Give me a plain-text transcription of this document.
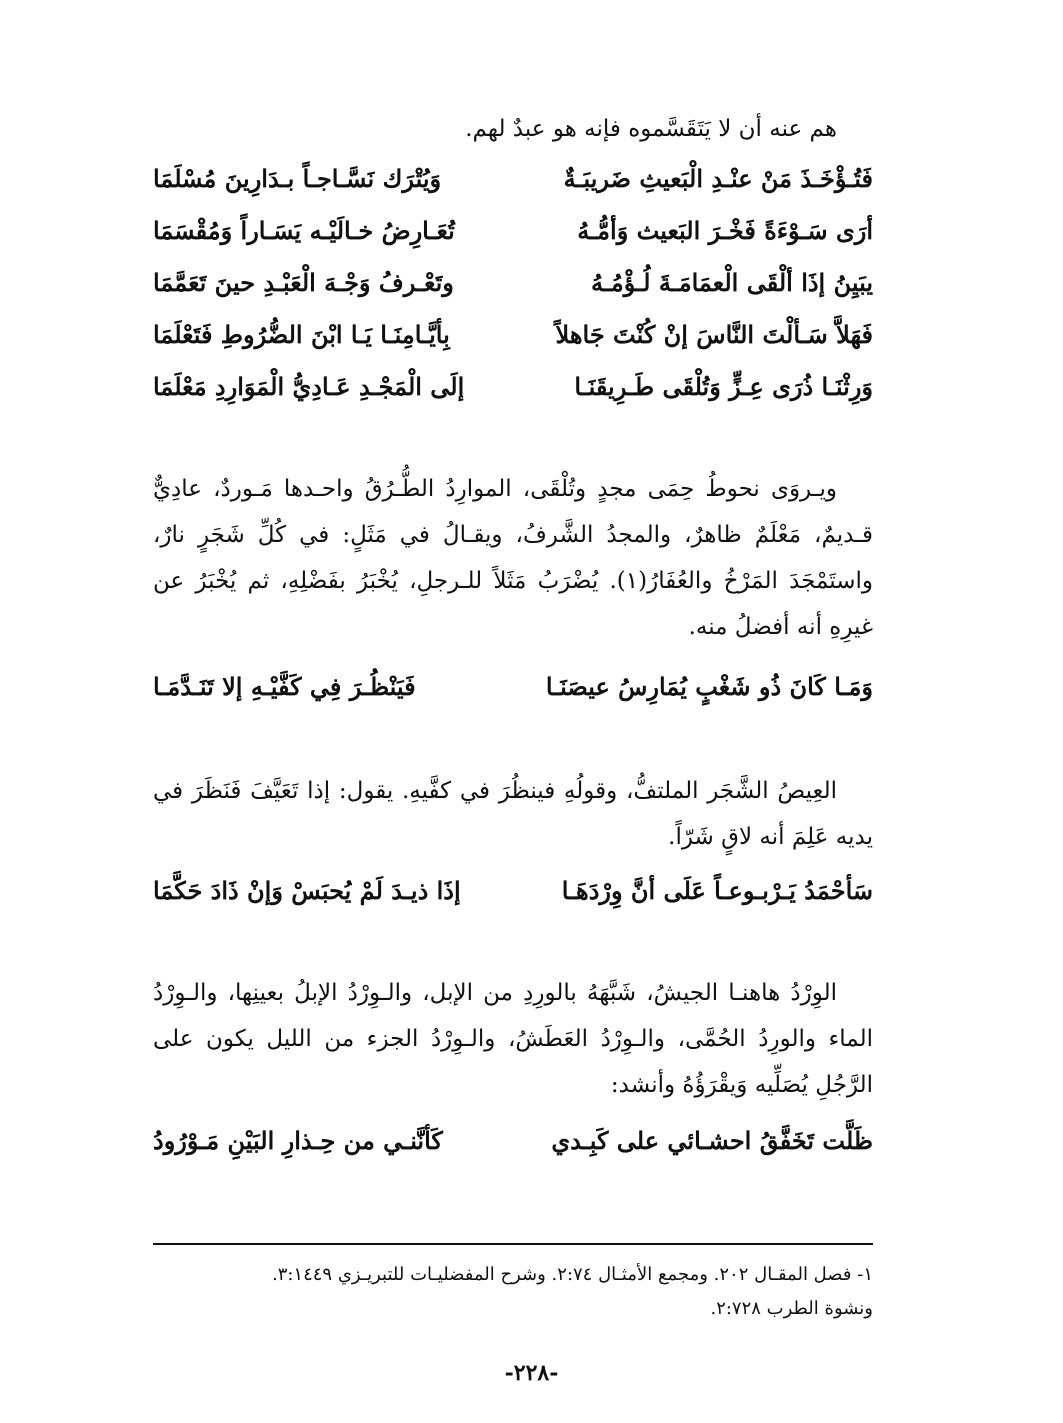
هم عنه أن لا يَتَقَسَّموه فإنه هو عبدٌ لهم.

فَتُـؤْخَـذَ مَنْ عنْـدِ الْبَعيثِ ضَريبَـةٌ
وَيُتْرَك نَسَّـاجـاً بـدَارِينَ مُسْلَمَا
أرَى سَـوْءَةً فَخْـرَ البَعيث وَأمُّـهُ
تُعَـارِضُ خـالَيْـه يَسَـاراً وَمُقْسَمَا
يبَيِنُ إذَا ألْقَى الْعمَامَـةَ لُـؤْمُـهُ
وتَعْـرفُ وَجْـهَ الْعَبْـدِ حينَ تَعَمَّمَا
فَهَلاَّ سَـألْتَ النَّاسَ إنْ كُنْتَ جَاهلاً
بِأيَّـامِنَـا يَـا ابْنَ الضُّرُوطِ فَتَعْلَمَا
وَرِثْنَـا ذُرَى عِـزٍّ وَتُلْقَى طَـرِيقَنَـا
إلَى الْمَجْـدِ عَـادِيُّ الْمَوَارِدِ مَعْلَمَا

ويـروَى نحوطُ حِمَى مجدٍ وتُلْقَى، الموارِدُ الطُّـرُقُ واحـدها مَـوردٌ، عادِيٌّ قـديمٌ، مَعْلَمٌ ظاهرٌ، والمجدُ الشَّرفُ، ويقـالُ في مَثَلٍ: في كُلِّ شَجَرٍ نارٌ، واستَمْجَدَ المَرْخُ والعُفَارُ(١). يُضْرَبُ مَثَلاً للـرجلِ، يُخْبَرُ بفَضْلِهِ، ثم يُخْبَرُ عن غيرِهِ أنه أفضلُ منه.

وَمَـا كَانَ ذُو شَغْبٍ يُمَارِسُ عيصَنَـا
فَيَنْظُـرَ فِي كَفَّيْـهِ إلا تَنَـدَّمَـا

العِيصُ الشَّجَر الملتفُّ، وقولُهِ فينظُرَ في كفَّيهِ. يقول: إذا تَعَيَّفَ فَنَظَرَ في يديه عَلِمَ أنه لاقٍ شَرّاً.

سَأحْمَدُ يَـرْبـوعـاً عَلَى أنَّ وِرْدَهَـا
إذَا ذيـدَ لَمْ يُحبَسْ وَإنْ ذَادَ حَكَّمَا

الوِرْدُ هاهنـا الجيشُ، شَبَّهَهُ بالورِدِ من الإبل، والـوِرْدُ الإبلُ بعينِها، والـوِرْدُ الماء والورِدُ الحُمَّى، والـوِرْدُ العَطَشُ، والـوِرْدُ الجزء من الليل يكون على الرَّجُلِ يُصَلِّيه وَيقْرَؤُهُ وأنشد:

ظَلَّت تَخَفَّقُ احشـائي على كَبِـدي
كَأنَّنـي من حِـذارِ البَيْنِ مَـوْرُودُ

١- فصل المقـال ٢٠٢. ومجمع الأمثـال ٢:٧٤. وشرح المفضليـات للتبريـزي ٣:١٤٤٩.

ونشوة الطرب ٢:٧٢٨.

-٢٢٨-
